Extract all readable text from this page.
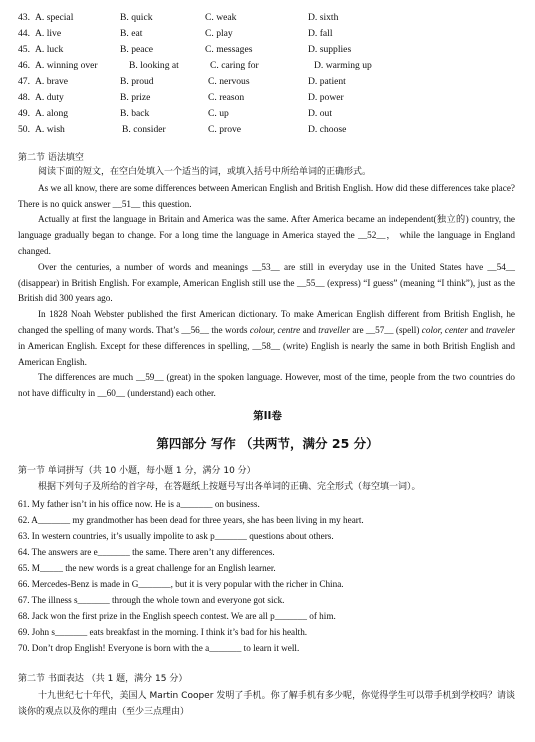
43. A. special	B. quick	C. weak	D. sixth
44. A. live	B. eat	C. play	D. fall
45. A. luck	B. peace	C. messages	D. supplies
46. A. winning over	B. looking at	C. caring for	D. warming up
47. A. brave	B. proud	C. nervous	D. patient
48. A. duty	B. prize	C. reason	D. power
49. A. along	B. back	C. up	D. out
50. A. wish	B. consider	C. prove	D. choose
第二节 语法填空

阅读下面的短文，在空白处填入一个适当的词，或填入括号中所给单词的正确形式。

As we all know, there are some differences between American English and British English. How did these differences take place? There is no quick answer __51__ this question.

Actually at first the language in Britain and America was the same. After America became an independent(独立的) country, the language gradually began to change. For a long time the language in America stayed the __52__， while the language in England changed.

Over the centuries, a number of words and meanings __53__ are still in everyday use in the United States have __54__ (disappear) in British English. For example, American English still use the __55__ (express) “I guess” (meaning “I think”), just as the British did 300 years ago.

In 1828 Noah Webster published the first American dictionary. To make American English different from British English, he changed the spelling of many words. That’s __56__ the words colour, centre and traveller are __57__ (spell) color, center and traveler in American English. Except for these differences in spelling, __58__ (write) English is nearly the same in both British English and American English.

The differences are much __59__ (great) in the spoken language. However, most of the time, people from the two countries do not have difficulty in __60__ (understand) each other.

第II卷
第四部分 写作 （共两节，满分 25 分）
第一节 单词拼写（共 10 小题，每小题 1 分，满分 10 分）
根据下列句子及所给的首字母，在答题纸上按题号写出各单词的正确、完全形式（每空填一词）。
61. My father isn’t in his office now. He is a_______ on business.
62. A_______ my grandmother has been dead for three years, she has been living in my heart.
63. In western countries, it’s usually impolite to ask p_______ questions about others.
64. The answers are e_______ the same. There aren’t any differences.
65. M_____ the new words is a great challenge for an English learner.
66. Mercedes-Benz is made in G_______, but it is very popular with the richer in China.
67. The illness s_______ through the whole town and everyone got sick.
68. Jack won the first prize in the English speech contest. We are all p_______ of him.
69. John s_______ eats breakfast in the morning. I think it’s bad for his health.
70. Don’t drop English! Everyone is born with the a_______ to learn it well.
第二节 书面表达 （共 1 题，满分 15 分）

十九世纪七十年代，美国人 Martin Cooper 发明了手机。你了解手机有多少呢，你觉得学生可以带手机到学校吗？请谈谈你的观点以及你的理由（至少三点理由）
